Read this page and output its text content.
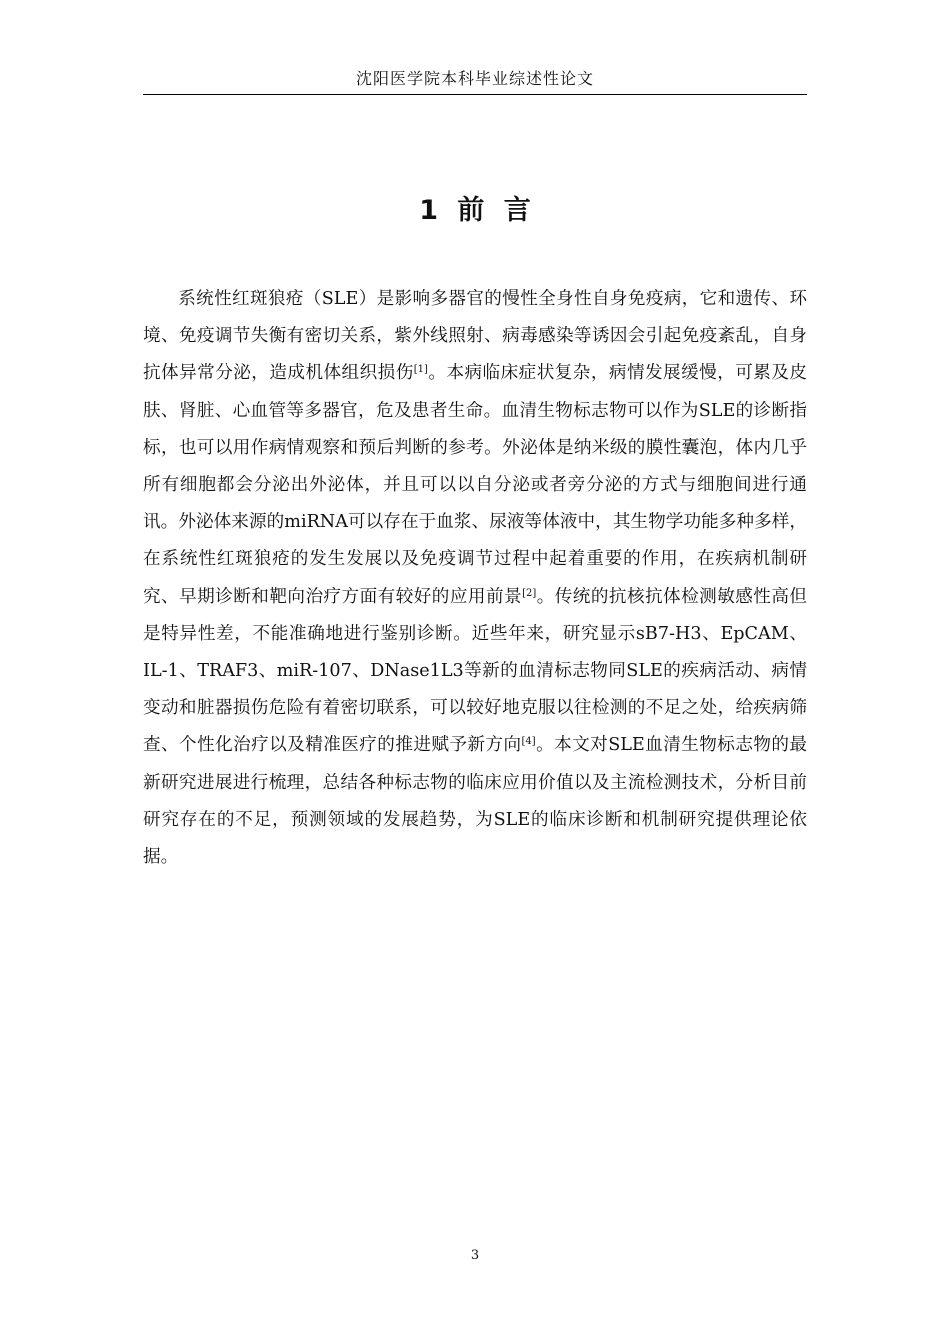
沈阳医学院本科毕业综述性论文
1 前 言

系统性红斑狼疮（SLE）是影响多器官的慢性全身性自身免疫病，它和遗传、环境、免疫调节失衡有密切关系，紫外线照射、病毒感染等诱因会引起免疫紊乱，自身抗体异常分泌，造成机体组织损伤[1]。本病临床症状复杂，病情发展缓慢，可累及皮肤、肾脏、心血管等多器官，危及患者生命。血清生物标志物可以作为SLE的诊断指标，也可以用作病情观察和预后判断的参考。外泌体是纳米级的膜性囊泡，体内几乎所有细胞都会分泌出外泌体，并且可以以自分泌或者旁分泌的方式与细胞间进行通讯。外泌体来源的miRNA可以存在于血浆、尿液等体液中，其生物学功能多种多样，在系统性红斑狼疮的发生发展以及免疫调节过程中起着重要的作用，在疾病机制研究、早期诊断和靶向治疗方面有较好的应用前景[2]。传统的抗核抗体检测敏感性高但是特异性差，不能准确地进行鉴别诊断。近些年来，研究显示sB7-H3、EpCAM、IL-1、TRAF3、miR-107、DNase1L3等新的血清标志物同SLE的疾病活动、病情变动和脏器损伤危险有着密切联系，可以较好地克服以往检测的不足之处，给疾病筛查、个性化治疗以及精准医疗的推进赋予新方向[4]。本文对SLE血清生物标志物的最新研究进展进行梳理，总结各种标志物的临床应用价值以及主流检测技术，分析目前研究存在的不足，预测领域的发展趋势，为SLE的临床诊断和机制研究提供理论依据。

3
